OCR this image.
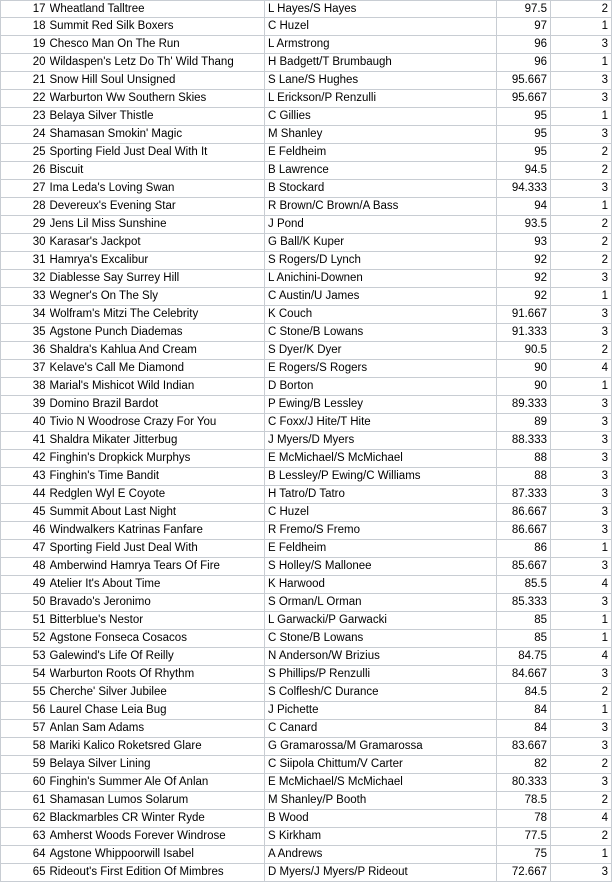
17	Wheatland Talltree	L Hayes/S Hayes	97.5	2
18	Summit Red Silk Boxers	C Huzel	97	1
19	Chesco Man On The Run	L Armstrong	96	3
20	Wildaspen's Letz Do Th' Wild Thang	H Badgett/T Brumbaugh	96	1
21	Snow Hill Soul Unsigned	S Lane/S Hughes	95.667	3
22	Warburton Ww Southern Skies	L Erickson/P Renzulli	95.667	3
23	Belaya Silver Thistle	C Gillies	95	1
24	Shamasan Smokin' Magic	M Shanley	95	3
25	Sporting Field Just Deal With It	E Feldheim	95	2
26	Biscuit	B Lawrence	94.5	2
27	Ima Leda's Loving Swan	B Stockard	94.333	3
28	Devereux's Evening Star	R Brown/C Brown/A Bass	94	1
29	Jens Lil Miss Sunshine	J Pond	93.5	2
30	Karasar's Jackpot	G Ball/K Kuper	93	2
31	Hamrya's Excalibur	S Rogers/D Lynch	92	2
32	Diablesse Say Surrey Hill	L Anichini-Downen	92	3
33	Wegner's On The Sly	C Austin/U James	92	1
34	Wolfram's Mitzi The Celebrity	K Couch	91.667	3
35	Agstone Punch Diademas	C Stone/B Lowans	91.333	3
36	Shaldra's Kahlua And Cream	S Dyer/K Dyer	90.5	2
37	Kelave's Call Me Diamond	E Rogers/S Rogers	90	4
38	Marial's Mishicot Wild Indian	D Borton	90	1
39	Domino Brazil Bardot	P Ewing/B Lessley	89.333	3
40	Tivio N Woodrose Crazy For You	C Foxx/J Hite/T Hite	89	3
41	Shaldra Mikater Jitterbug	J Myers/D Myers	88.333	3
42	Finghin's Dropkick Murphys	E McMichael/S McMichael	88	3
43	Finghin's Time Bandit	B Lessley/P Ewing/C Williams	88	3
44	Redglen Wyl E Coyote	H Tatro/D Tatro	87.333	3
45	Summit About Last Night	C Huzel	86.667	3
46	Windwalkers Katrinas Fanfare	R Fremo/S Fremo	86.667	3
47	Sporting Field Just Deal With	E Feldheim	86	1
48	Amberwind Hamrya Tears Of Fire	S Holley/S Mallonee	85.667	3
49	Atelier It's About Time	K Harwood	85.5	4
50	Bravado's Jeronimo	S Orman/L Orman	85.333	3
51	Bitterblue's Nestor	L Garwacki/P Garwacki	85	1
52	Agstone Fonseca Cosacos	C Stone/B Lowans	85	1
53	Galewind's Life Of Reilly	N Anderson/W Brizius	84.75	4
54	Warburton Roots Of Rhythm	S Phillips/P Renzulli	84.667	3
55	Cherche' Silver Jubilee	S Colflesh/C Durance	84.5	2
56	Laurel Chase Leia Bug	J Pichette	84	1
57	Anlan Sam Adams	C Canard	84	3
58	Mariki Kalico Roketsred Glare	G Gramarossa/M Gramarossa	83.667	3
59	Belaya Silver Lining	C Siipola Chittum/V Carter	82	2
60	Finghin's Summer Ale Of Anlan	E McMichael/S McMichael	80.333	3
61	Shamasan Lumos Solarum	M Shanley/P Booth	78.5	2
62	Blackmarbles CR Winter Ryde	B Wood	78	4
63	Amherst Woods Forever Windrose	S Kirkham	77.5	2
64	Agstone Whippoorwill Isabel	A Andrews	75	1
65	Rideout's First Edition Of Mimbres	D Myers/J Myers/P Rideout	72.667	3
